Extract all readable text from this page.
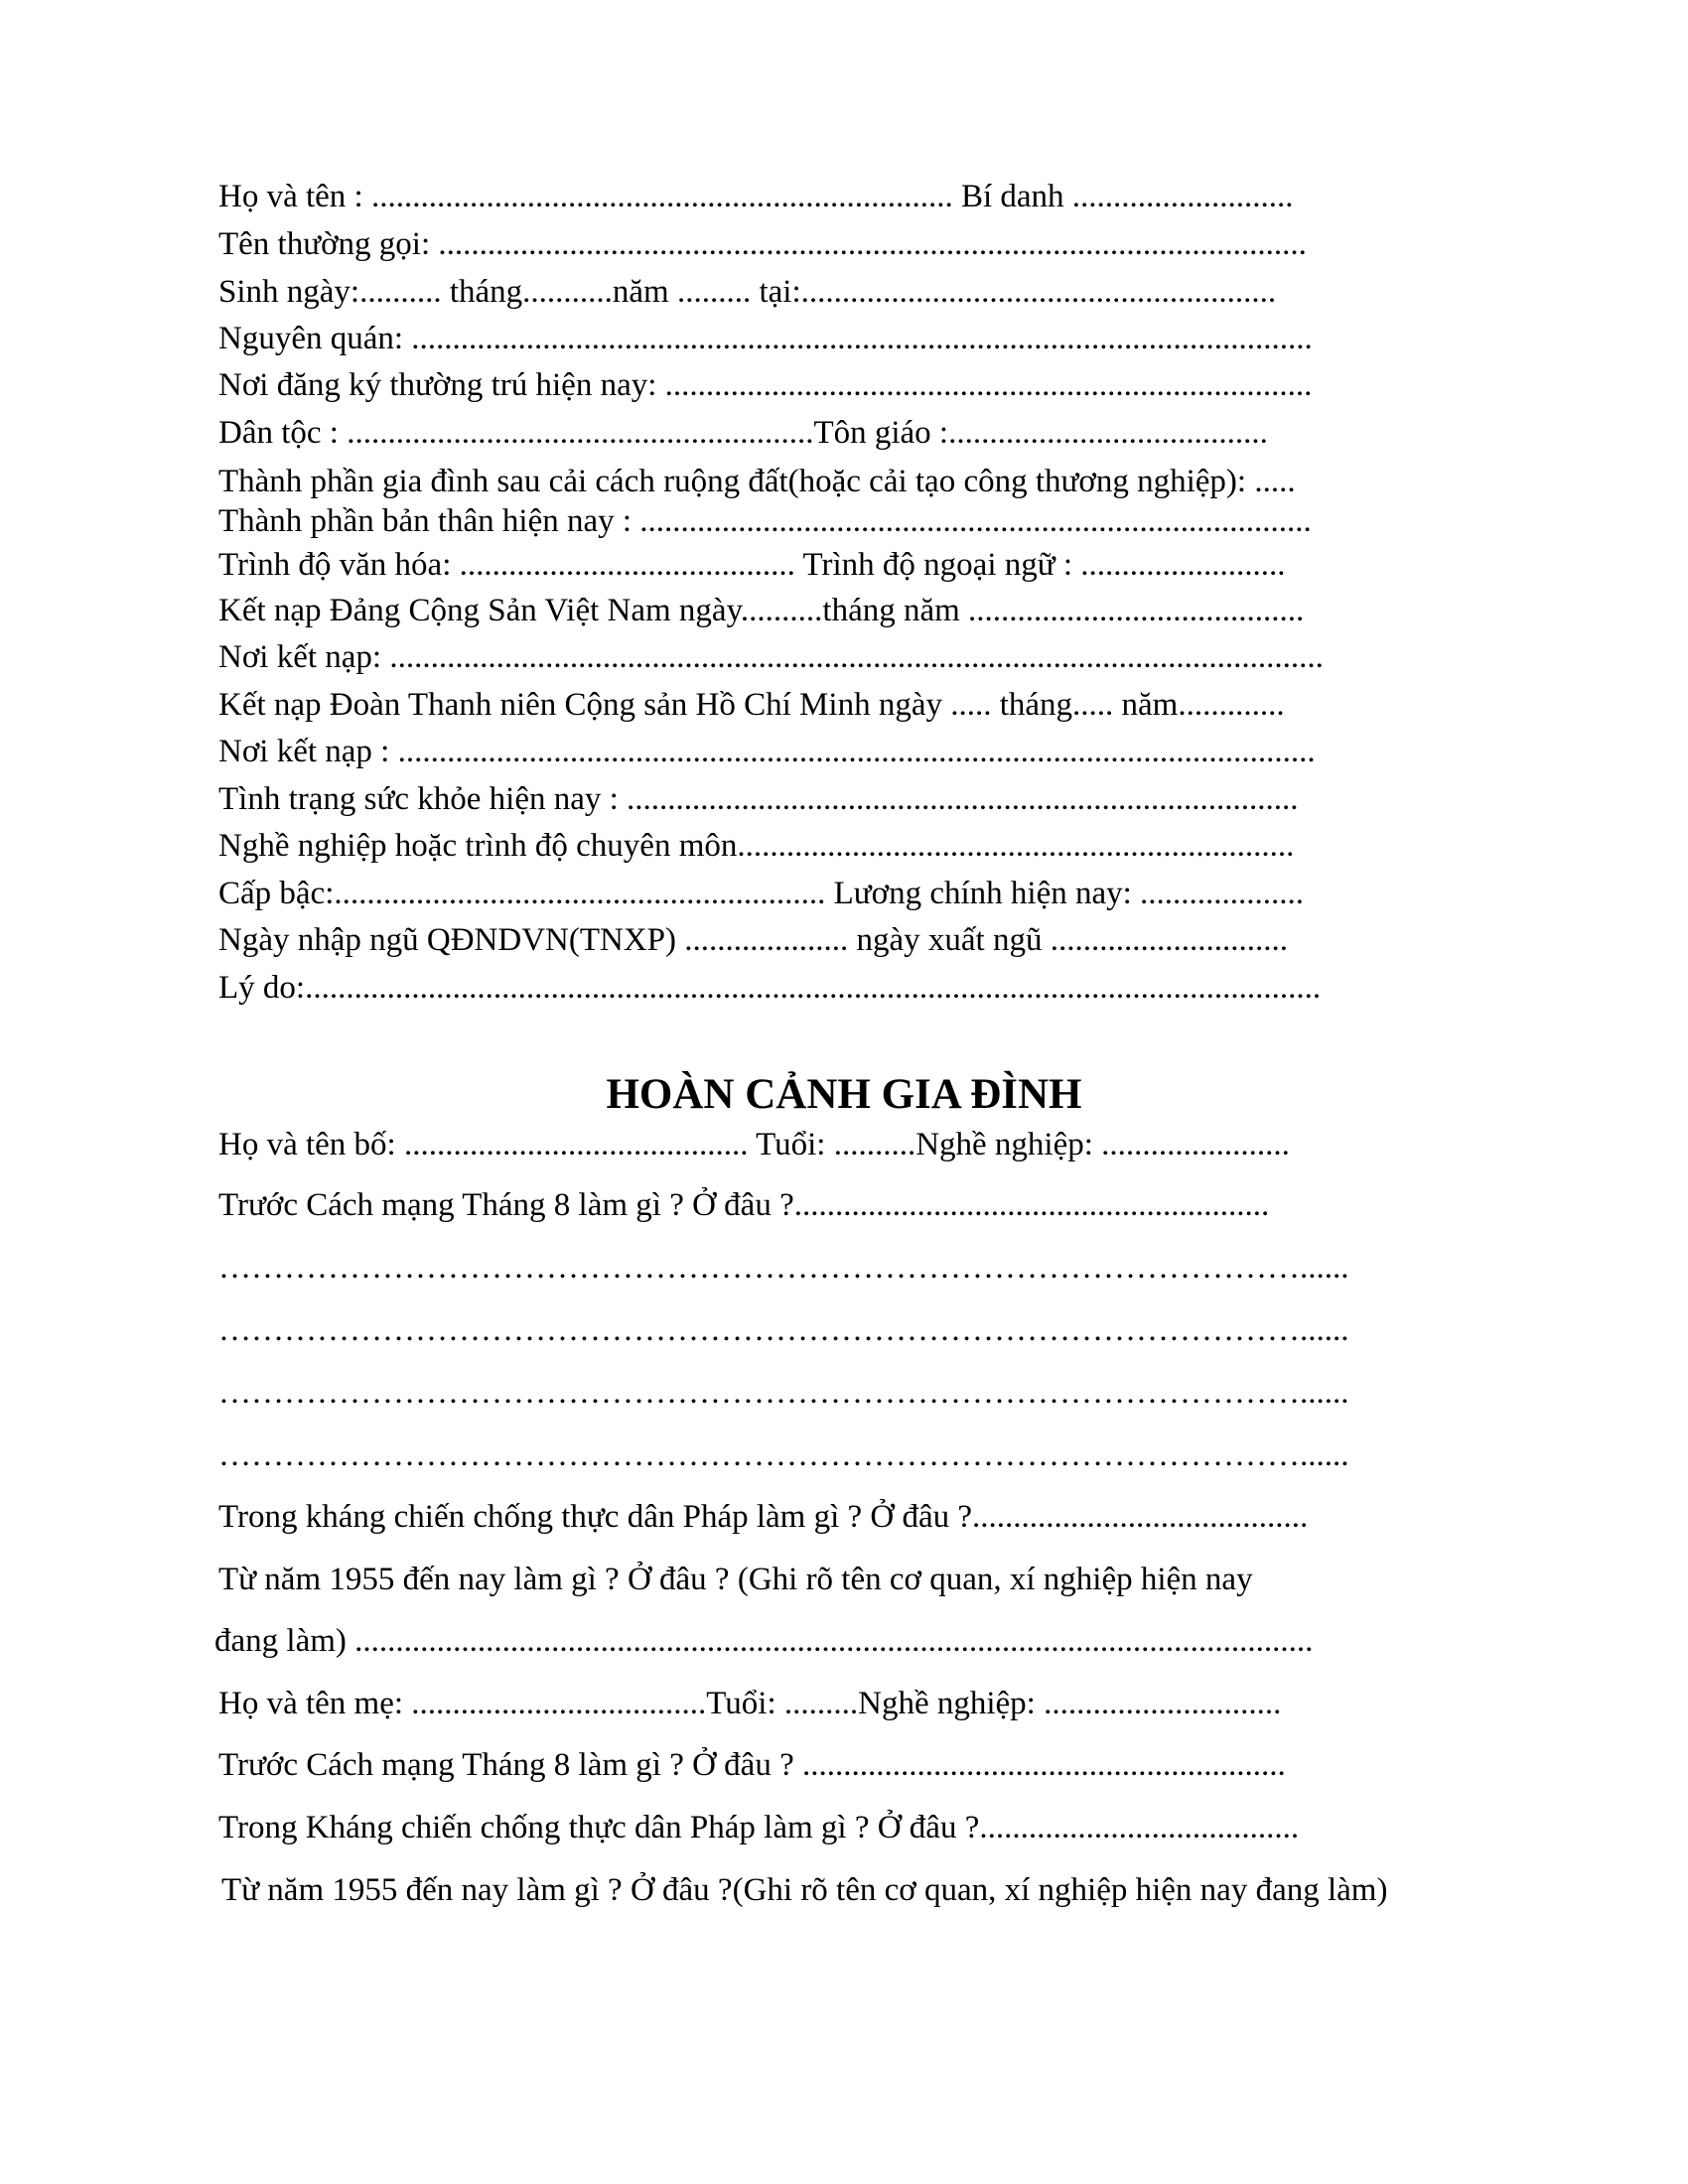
Họ và tên : ....................................................................... Bí danh ...........................
Tên thường gọi: ..........................................................................................................
Sinh ngày:.......... tháng...........năm ......... tại:..........................................................
Nguyên quán: ..............................................................................................................
Nơi đăng ký thường trú hiện nay: ...............................................................................
Dân tộc : .........................................................Tôn giáo :.......................................
Thành phần gia đình sau cải cách ruộng đất(hoặc cải tạo công thương nghiệp): .....
Thành phần bản thân hiện nay : ..................................................................................
Trình độ văn hóa: ......................................... Trình độ ngoại ngữ : .........................
Kết nạp Đảng Cộng Sản Việt Nam ngày..........tháng năm .........................................
Nơi kết nạp: ..................................................................................................................
Kết nạp Đoàn Thanh niên Cộng sản Hồ Chí Minh ngày ..... tháng..... năm.............
Nơi kết nạp : ................................................................................................................
Tình trạng sức khỏe hiện nay : ..................................................................................
Nghề nghiệp hoặc trình độ chuyên môn....................................................................
Cấp bậc:............................................................ Lương chính hiện nay: ....................
Ngày nhập ngũ QĐNDVN(TNXP) .................... ngày xuất ngũ .............................
Lý do:............................................................................................................................
HOÀN CẢNH GIA ĐÌNH
Họ và tên bố: .......................................... Tuổi: ..........Nghề nghiệp: .......................
Trước Cách mạng Tháng 8 làm gì ? Ở đâu ?..........................................................
………………………………………………………………………………………......
………………………………………………………………………………………......
………………………………………………………………………………………......
………………………………………………………………………………………......
Trong kháng chiến chống thực dân Pháp làm gì ? Ở đâu ?.........................................
Từ năm 1955 đến nay làm gì ? Ở đâu ? (Ghi rõ tên cơ quan, xí nghiệp hiện nay
đang làm) .....................................................................................................................
Họ và tên mẹ: ....................................Tuổi: .........Nghề nghiệp: .............................
Trước Cách mạng Tháng 8 làm gì ? Ở đâu ? ...........................................................
Trong Kháng chiến chống thực dân Pháp làm gì ? Ở đâu ?.......................................
Từ năm 1955 đến nay làm gì ? Ở đâu ?(Ghi rõ tên cơ quan, xí nghiệp hiện nay đang làm)
